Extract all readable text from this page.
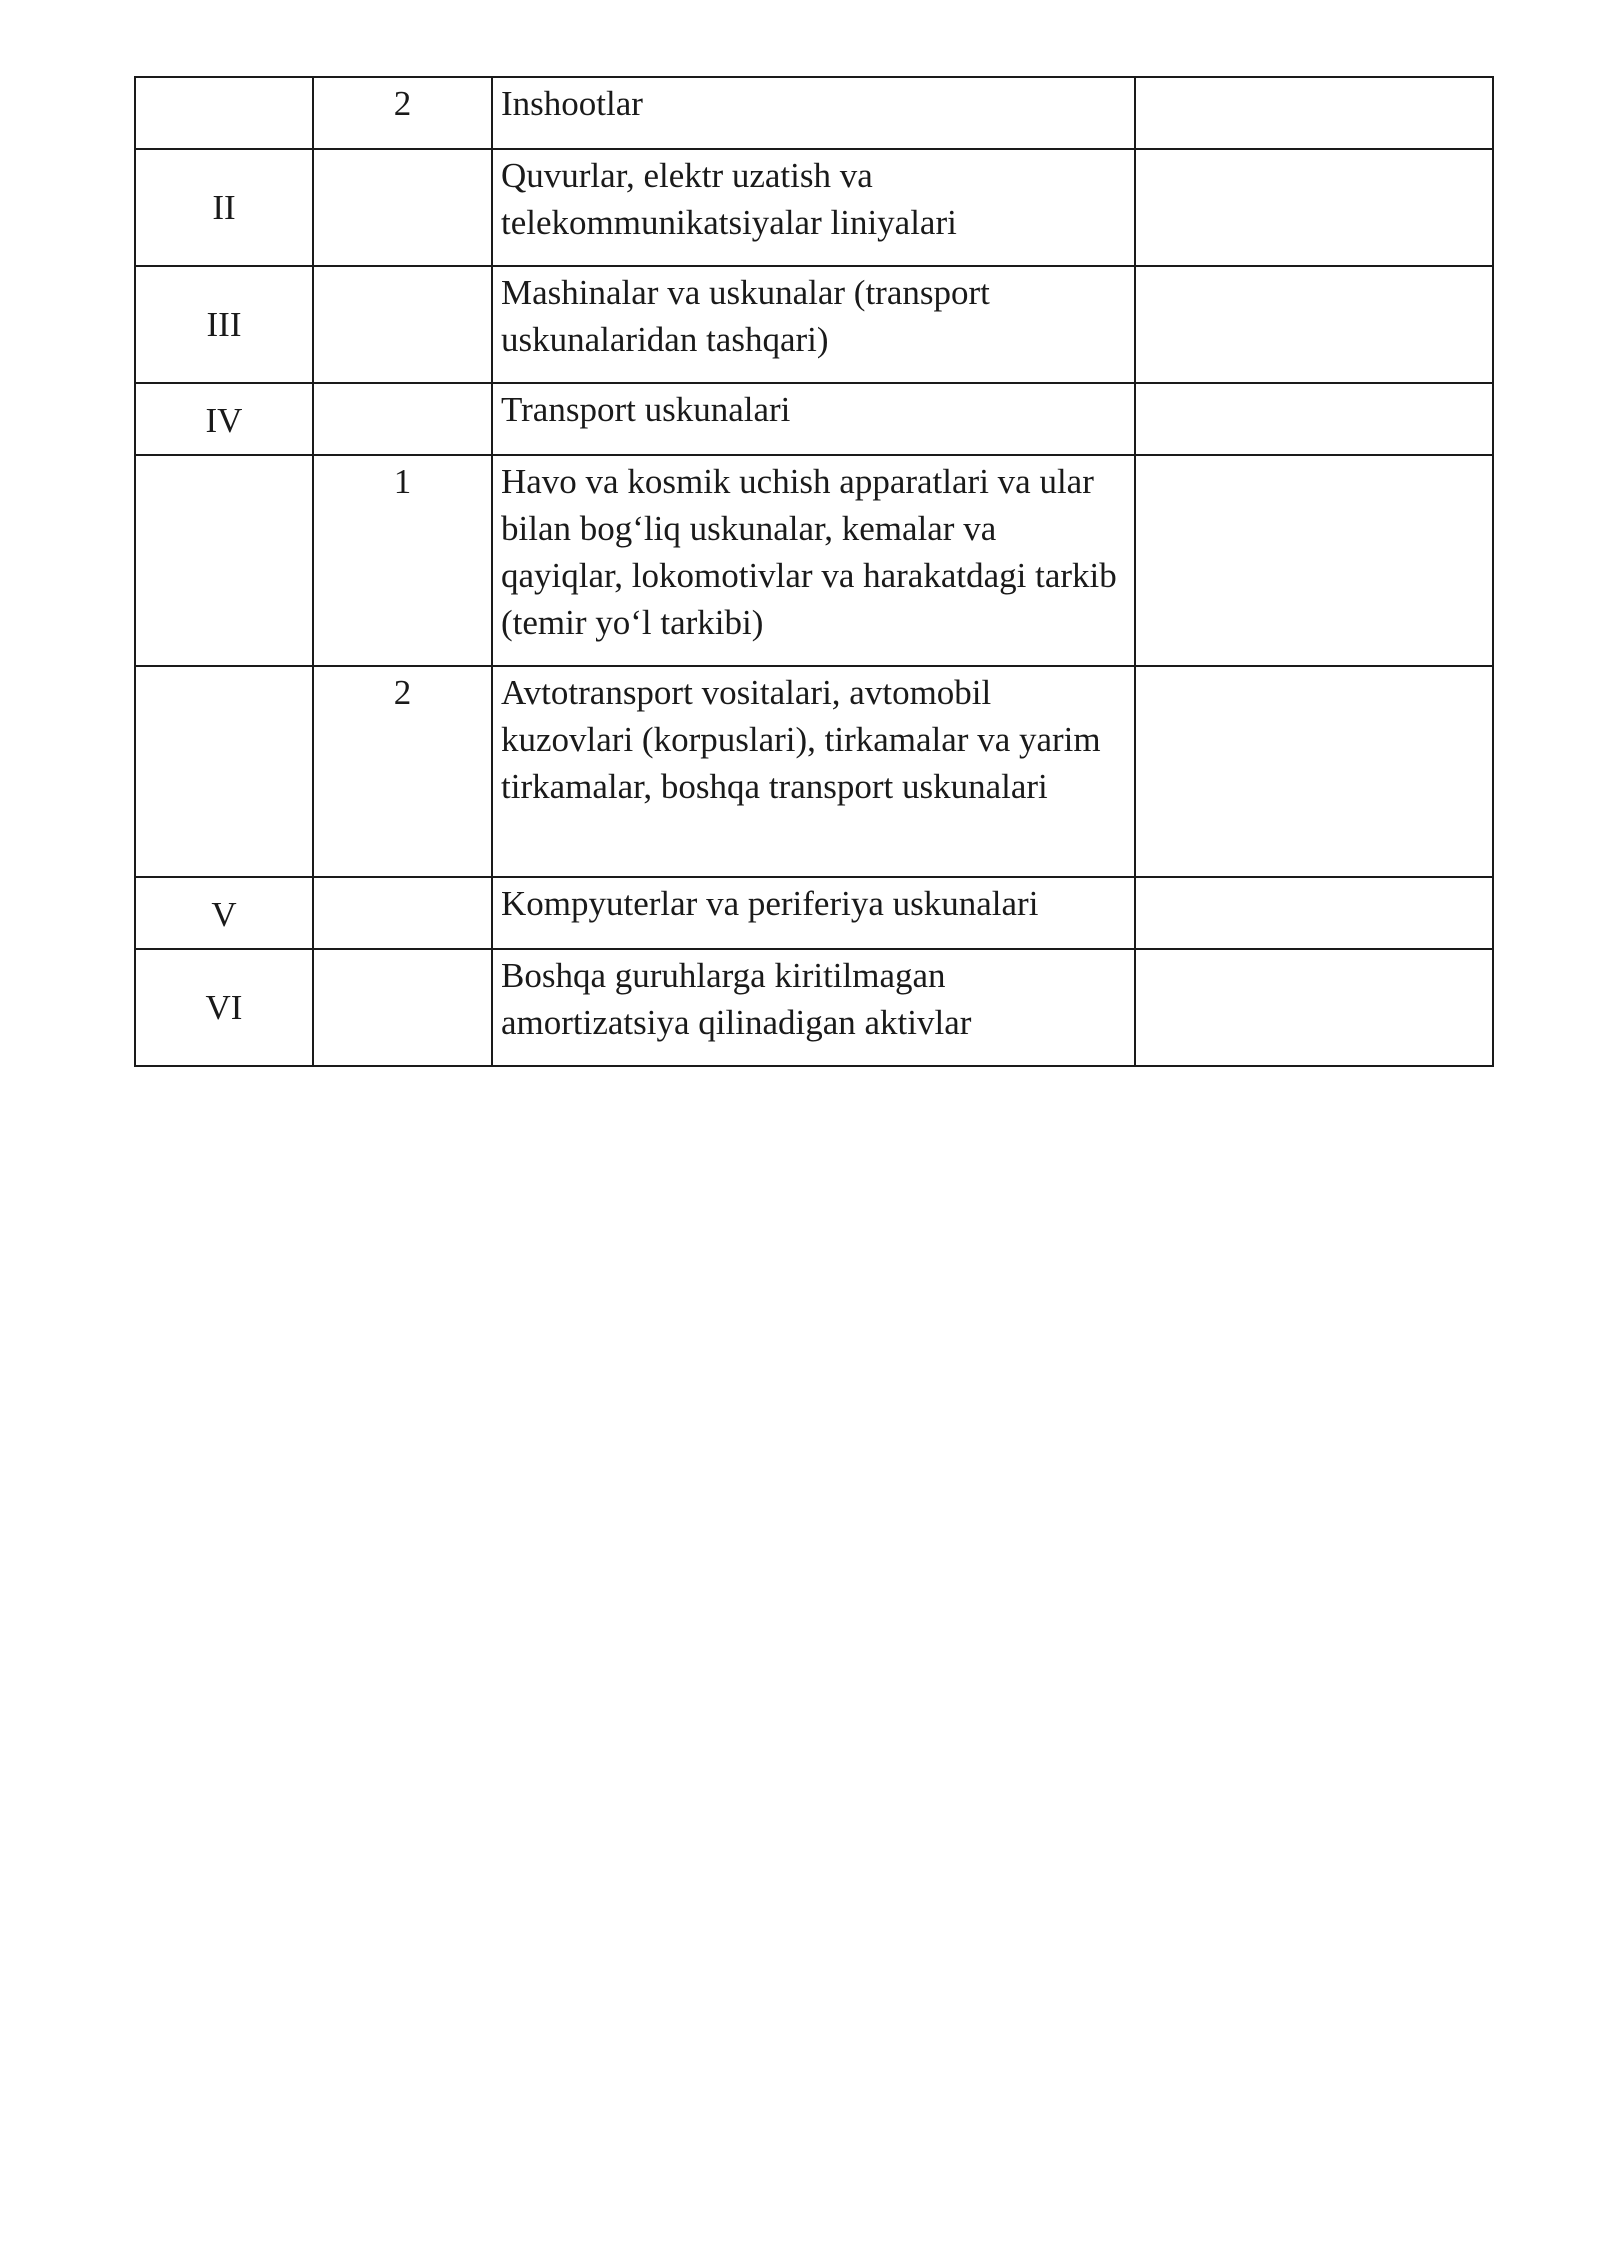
	2	Inshootlar	

II		Quvurlar, elektr uzatish va telekommunikatsiyalar liniyalari	

III		Mashinalar va uskunalar (transport uskunalaridan tashqari)	

IV		Transport uskunalari	

	1	Havo va kosmik uchish apparatlari va ular bilan bog‘liq uskunalar, kemalar va qayiqlar, lokomotivlar va harakatdagi tarkib (temir yo‘l tarkibi)	

	2	Avtotransport vositalari, avtomobil kuzovlari (korpuslari), tirkamalar va yarim tirkamalar, boshqa transport uskunalari	

V		Kompyuterlar va periferiya uskunalari	

VI		Boshqa guruhlarga kiritilmagan amortizatsiya qilinadigan aktivlar	
